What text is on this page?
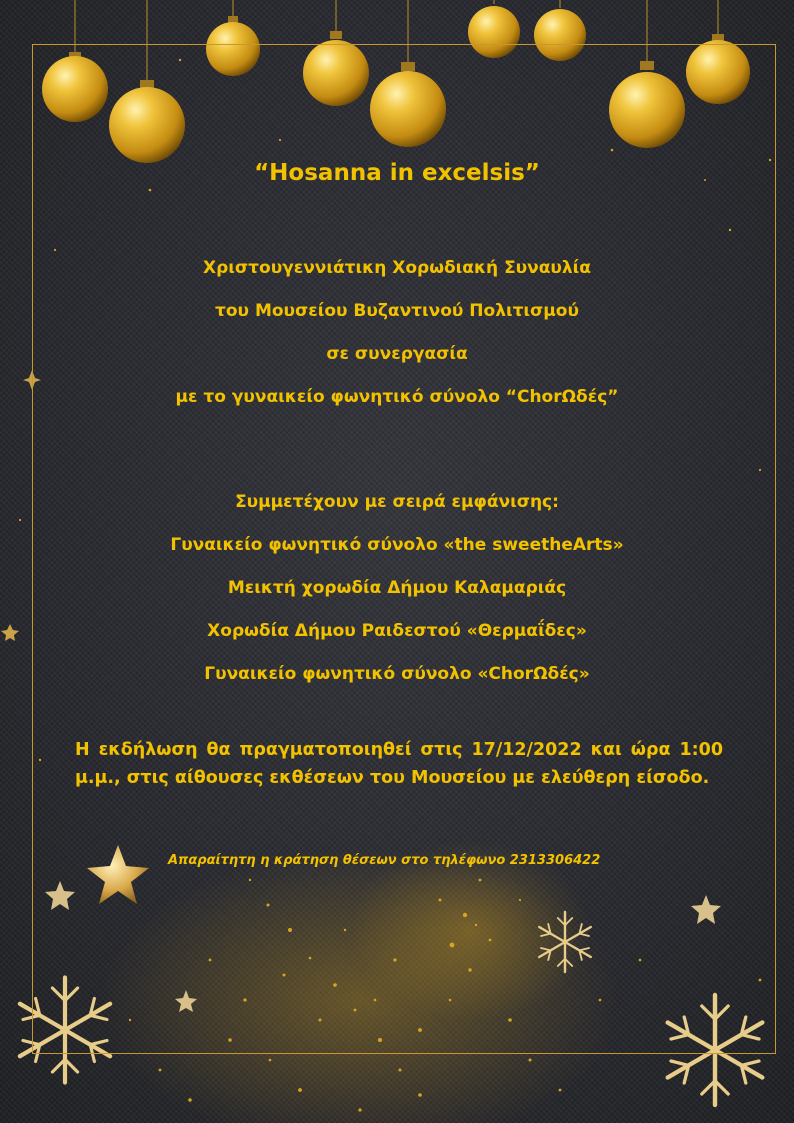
“Hosanna in excelsis”
Χριστουγεννιάτικη Χορωδιακή Συναυλία
του Μουσείου Βυζαντινού Πολιτισμού
σε συνεργασία
με το γυναικείο φωνητικό σύνολο “ChorΩδές”
Συμμετέχουν με σειρά εμφάνισης:
Γυναικείο φωνητικό σύνολο «the sweetheArts»
Μεικτή χορωδία Δήμου Καλαμαριάς
Χορωδία Δήμου Ραιδεστού «Θερμαΐδες»
Γυναικείο φωνητικό σύνολο «ChorΩδές»

Η εκδήλωση θα πραγματοποιηθεί στις 17/12/2022 και ώρα 1:00 μ.μ., στις αίθουσες εκθέσεων του Μουσείου με ελεύθερη είσοδο.

Απαραίτητη η κράτηση θέσεων στο τηλέφωνο 2313306422
